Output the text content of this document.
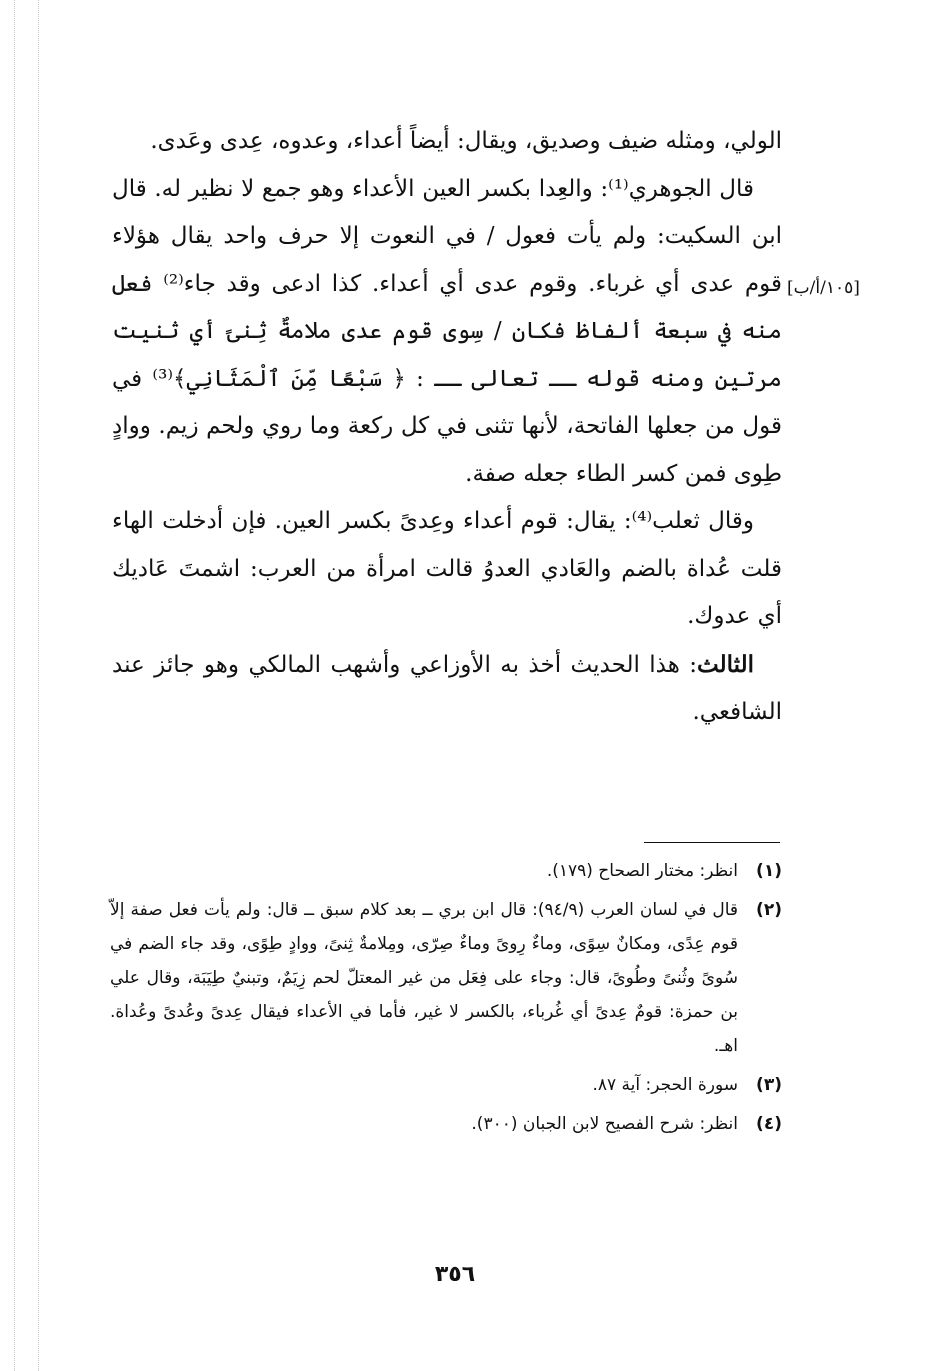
الولي، ومثله ضيف وصديق، ويقال: أيضاً أعداء، وعدوه، عِدى وعَدى.

قال الجوهري⁽¹⁾: والعِدا بكسر العين الأعداء وهو جمع لا نظير له. قال ابن السكيت: ولم يأت فعول / في النعوت إلا حرف واحد يقال هؤلاء قوم عدى أي غرباء. وقوم عدى أي أعداء. كذا ادعى وقد جاء⁽²⁾ فعل منه في سبعة ألفاظ فكان / سِوى قوم عدى ملامةٌ ثِنىً أي ثنيت مرتين ومنه قوله ــ تعالى ــ : ﴿ سَبْعًا مِّنَ ٱلْمَثَانِي﴾⁽³⁾ في قول من جعلها الفاتحة، لأنها تثنى في كل ركعة وما روي ولحم زيم. ووادٍ طِوى فمن كسر الطاء جعله صفة.

وقال ثعلب⁽⁴⁾: يقال: قوم أعداء وعِدىً بكسر العين. فإن أدخلت الهاء قلت عُداة بالضم والعَادي العدوُ قالت امرأة من العرب: اشمتَ عَاديك أي عدوك.

الثالث: هذا الحديث أخذ به الأوزاعي وأشهب المالكي وهو جائز عند الشافعي.

[١٠٥/أ/ب]
(١)
انظر: مختار الصحاح (١٧٩).
(٢)
قال في لسان العرب (٩٤/٩): قال ابن بري ــ بعد كلام سبق ــ قال: ولم يأت فعل صفة إلاّ قوم عِدًى، ومكانٌ سِوًى، وماءٌ رِوىً وماءٌ صِرّى، ومِلامةٌ ثِنىً، ووادٍ طِوًى، وقد جاء الضم في سُوىً وثُنىً وطُوىً، قال: وجاء على فِعَل من غير المعتلّ لحم زِيَمٌ، وتبنيٌ طِيَبَة، وقال علي بن حمزة: قومٌ عِدىً أي غُرباء، بالكسر لا غير، فأما في الأعداء فيقال عِدىً وعُدىً وعُداة. اهـ.
(٣)
سورة الحجر: آية ٨٧.
(٤)
انظر: شرح الفصيح لابن الجبان (٣٠٠).
٣٥٦
